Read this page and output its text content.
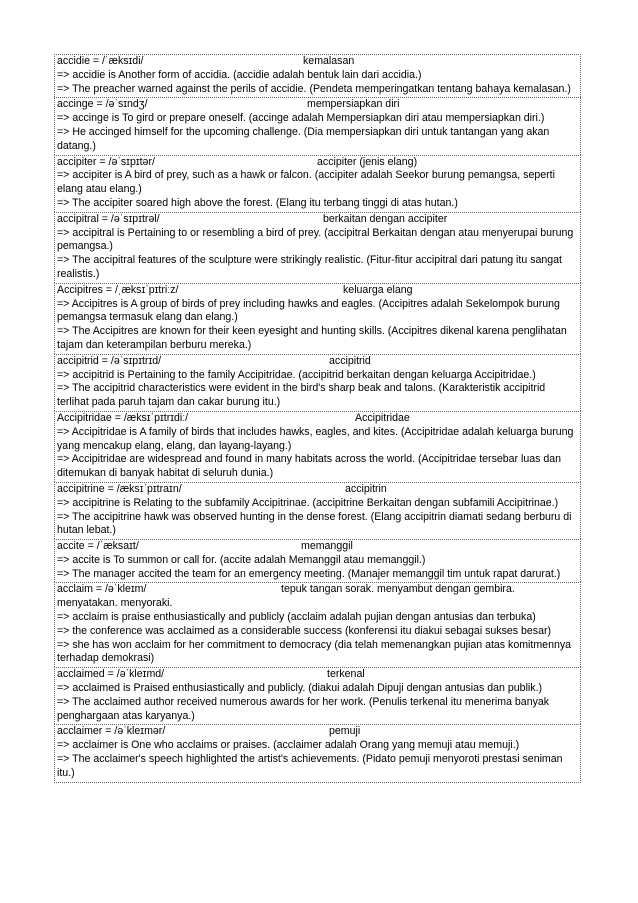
accidie = /ˈæksɪdi/	kemalasan
=> accidie is Another form of accidia. (accidie adalah bentuk lain dari accidia.)
=> The preacher warned against the perils of accidie. (Pendeta memperingatkan tentang bahaya kemalasan.)
accinge = /əˈsɪndʒ/	mempersiapkan diri
=> accinge is To gird or prepare oneself. (accinge adalah Mempersiapkan diri atau mempersiapkan diri.)
=> He accinged himself for the upcoming challenge. (Dia mempersiapkan diri untuk tantangan yang akan datang.)
accipiter = /əˈsɪpɪtər/	accipiter (jenis elang)
=> accipiter is A bird of prey, such as a hawk or falcon. (accipiter adalah Seekor burung pemangsa, seperti elang atau elang.)
=> The accipiter soared high above the forest. (Elang itu terbang tinggi di atas hutan.)
accipitral = /əˈsɪpɪtrəl/	berkaitan dengan accipiter
=> accipitral is Pertaining to or resembling a bird of prey. (accipitral Berkaitan dengan atau menyerupai burung pemangsa.)
=> The accipitral features of the sculpture were strikingly realistic. (Fitur-fitur accipitral dari patung itu sangat realistis.)
Accipitres = /ˌæksɪˈpɪtriːz/	keluarga elang
=> Accipitres is A group of birds of prey including hawks and eagles. (Accipitres adalah Sekelompok burung pemangsa termasuk elang dan elang.)
=> The Accipitres are known for their keen eyesight and hunting skills. (Accipitres dikenal karena penglihatan tajam dan keterampilan berburu mereka.)
accipitrid = /əˈsɪpɪtrɪd/	accipitrid
=> accipitrid is Pertaining to the family Accipitridae. (accipitrid berkaitan dengan keluarga Accipitridae.)
=> The accipitrid characteristics were evident in the bird's sharp beak and talons. (Karakteristik accipitrid terlihat pada paruh tajam dan cakar burung itu.)
Accipitridae = /æksɪˈpɪtrɪdiː/	Accipitridae
=> Accipitridae is A family of birds that includes hawks, eagles, and kites. (Accipitridae adalah keluarga burung yang mencakup elang, elang, dan layang-layang.)
=> Accipitridae are widespread and found in many habitats across the world. (Accipitridae tersebar luas dan ditemukan di banyak habitat di seluruh dunia.)
accipitrine = /æksɪˈpɪtraɪn/	accipitrin
=> accipitrine is Relating to the subfamily Accipitrinae. (accipitrine Berkaitan dengan subfamili Accipitrinae.)
=> The accipitrine hawk was observed hunting in the dense forest. (Elang accipitrin diamati sedang berburu di hutan lebat.)
accite = /ˈæksaɪt/	memanggil
=> accite is To summon or call for. (accite adalah Memanggil atau memanggil.)
=> The manager accited the team for an emergency meeting. (Manajer memanggil tim untuk rapat darurat.)
acclaim = /əˈkleɪm/	tepuk tangan sorak. menyambut dengan gembira.
menyatakan. menyoraki.
=> acclaim is praise enthusiastically and publicly (acclaim adalah pujian dengan antusias dan terbuka)
=> the conference was acclaimed as a considerable success (konferensi itu diakui sebagai sukses besar)
=> she has won acclaim for her commitment to democracy (dia telah memenangkan pujian atas komitmennya terhadap demokrasi)
acclaimed = /əˈkleɪmd/	terkenal
=> acclaimed is Praised enthusiastically and publicly. (diakui adalah Dipuji dengan antusias dan publik.)
=> The acclaimed author received numerous awards for her work. (Penulis terkenal itu menerima banyak penghargaan atas karyanya.)
acclaimer = /əˈkleɪmər/	pemuji
=> acclaimer is One who acclaims or praises. (acclaimer adalah Orang yang memuji atau memuji.)
=> The acclaimer's speech highlighted the artist's achievements. (Pidato pemuji menyoroti prestasi seniman itu.)
